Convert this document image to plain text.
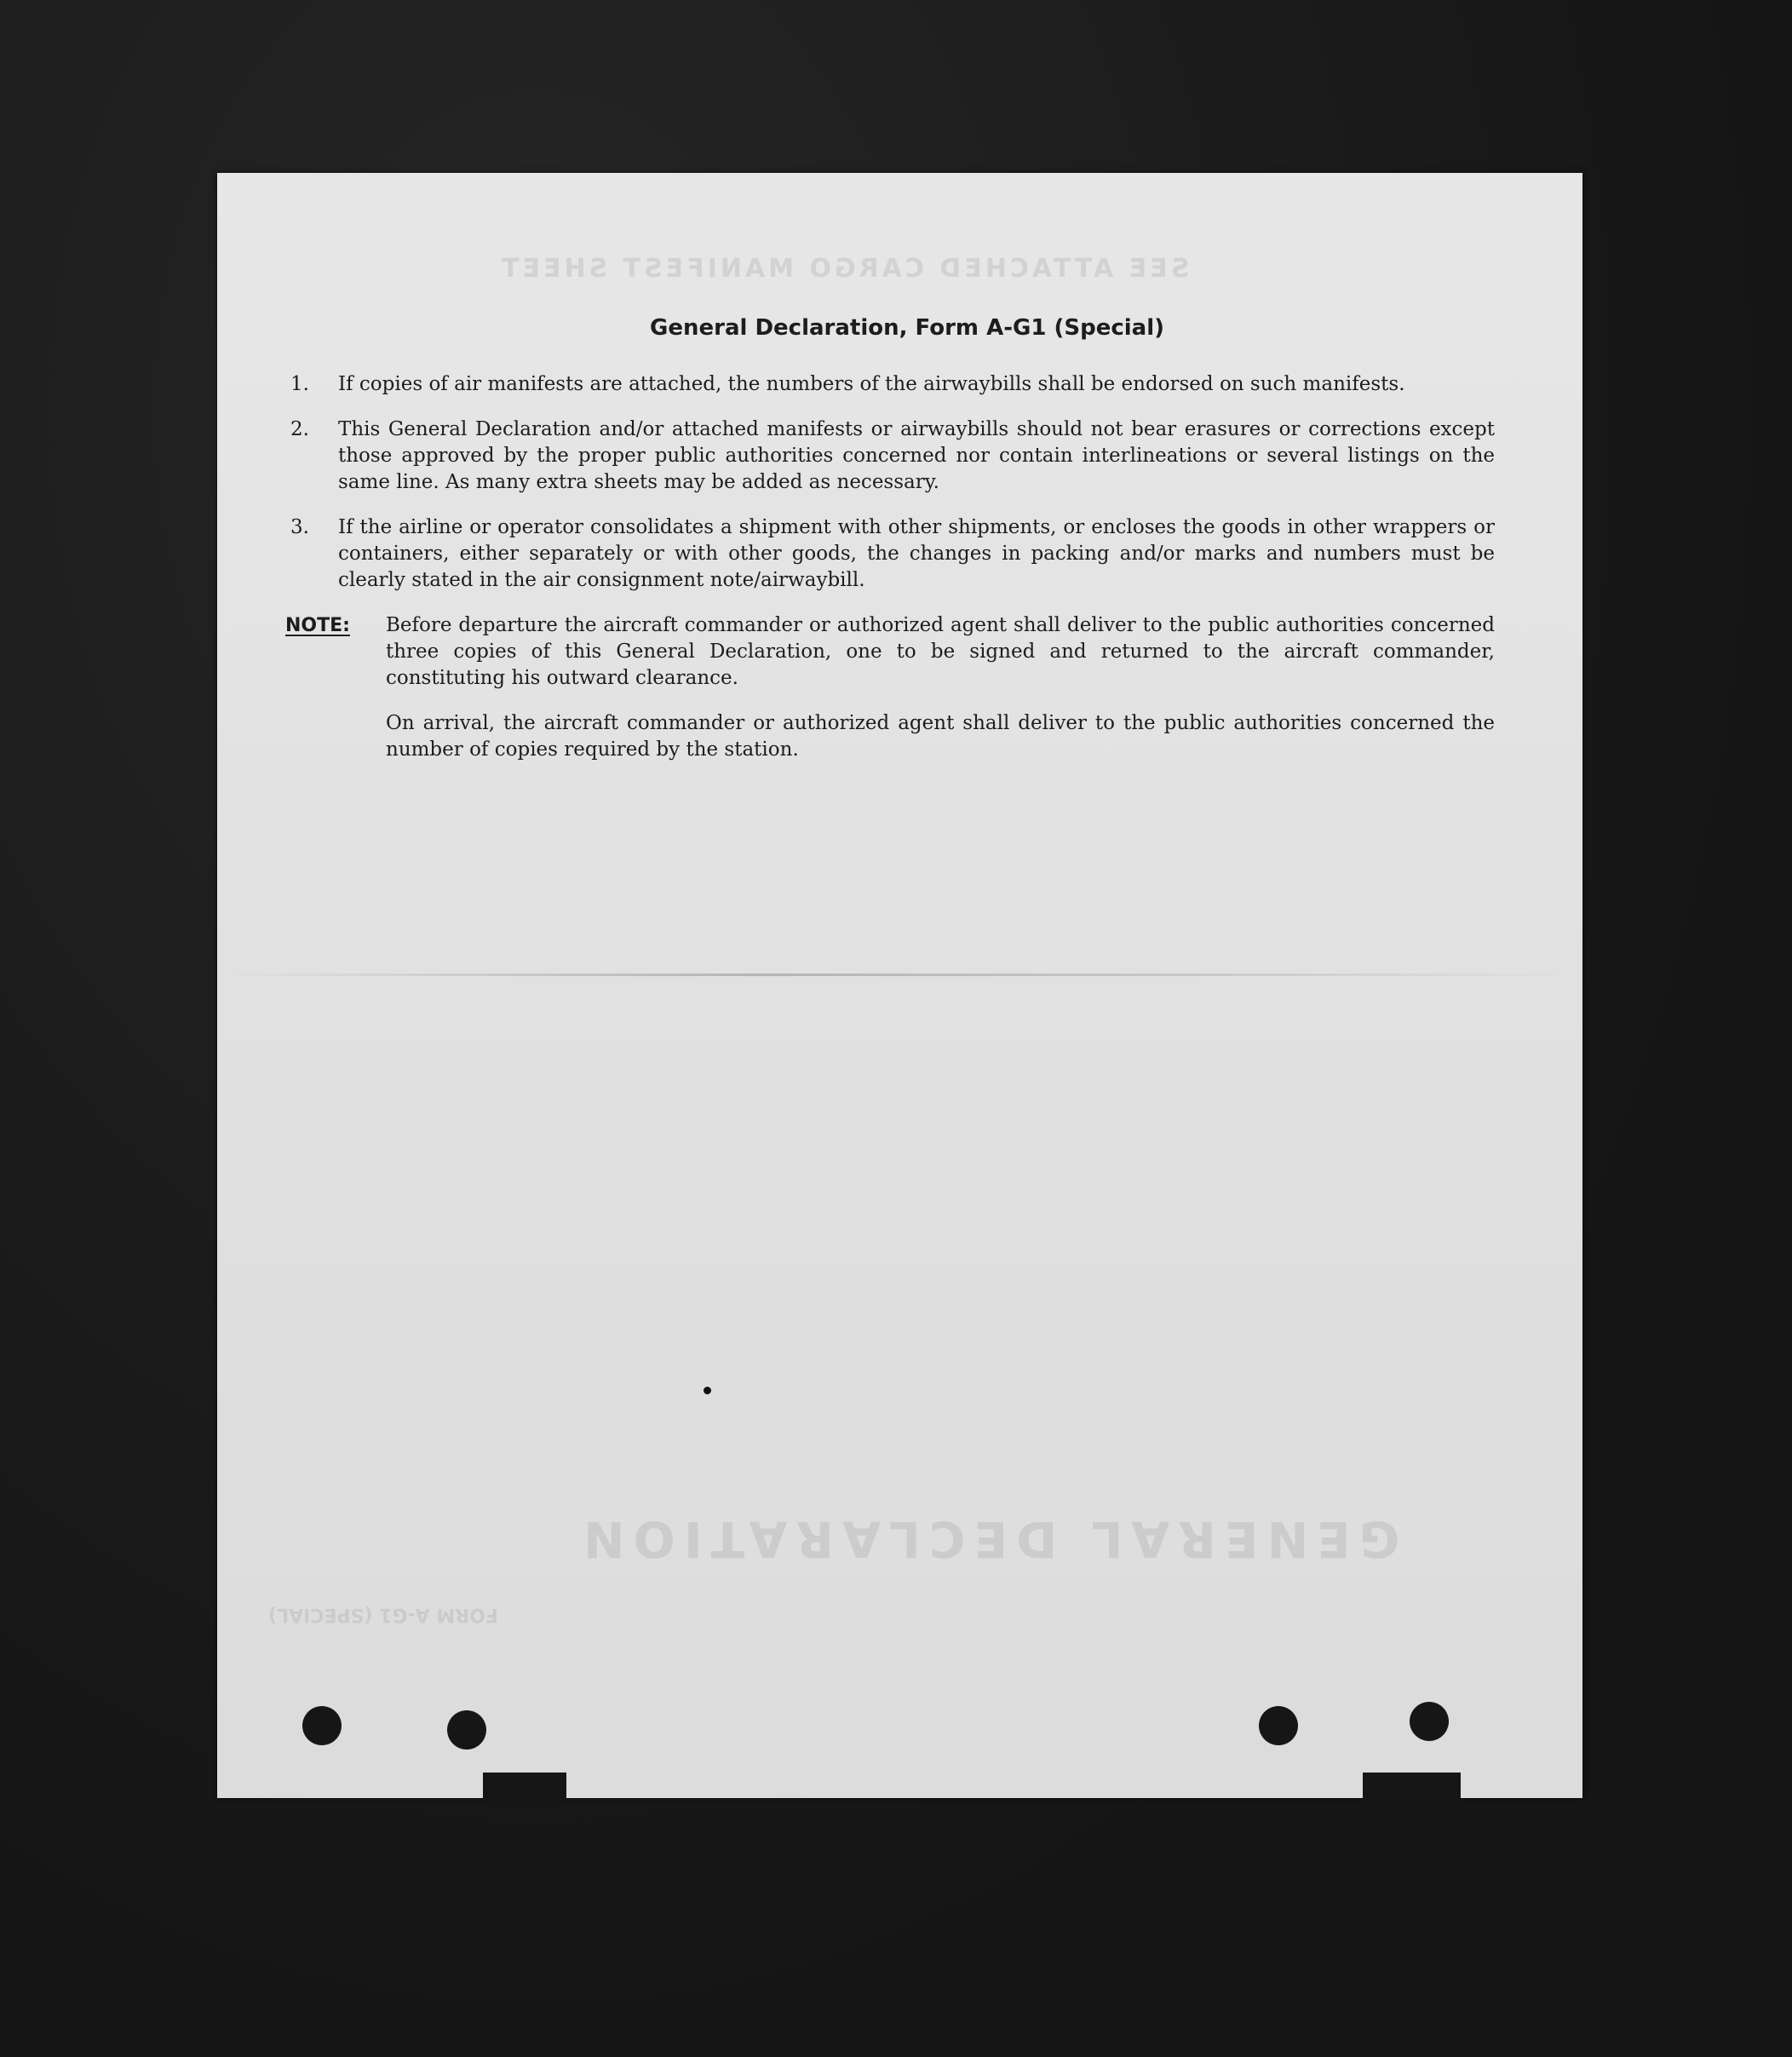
SEE ATTACHED CARGO MANIFEST SHEET
GENERAL DECLARATION
FORM A-G1 (SPECIAL)
General Declaration, Form A-G1 (Special)
1.	If copies of air manifests are attached, the numbers of the airwaybills shall be endorsed on such manifests.
2.	This General Declaration and/or attached manifests or airwaybills should not bear erasures or corrections except those approved by the proper public authorities concerned nor contain interlineations or several listings on the same line. As many extra sheets may be added as necessary.
3.	If the airline or operator consolidates a shipment with other shipments, or encloses the goods in other wrappers or containers, either separately or with other goods, the changes in packing and/or marks and numbers must be clearly stated in the air consignment note/airwaybill.
NOTE:	Before departure the aircraft commander or authorized agent shall deliver to the public authorities concerned three copies of this General Declaration, one to be signed and returned to the aircraft commander, constituting his outward clearance.

On arrival, the aircraft commander or authorized agent shall deliver to the public authorities concerned the number of copies required by the station.
